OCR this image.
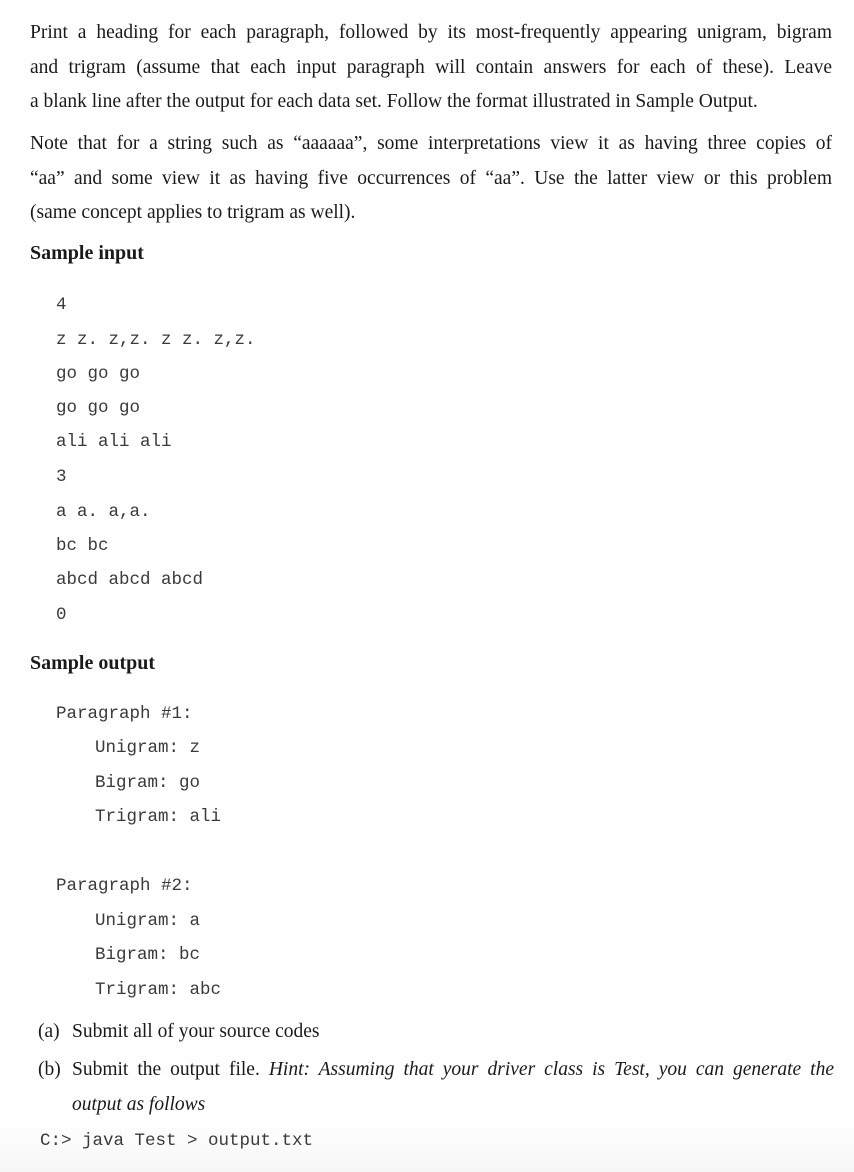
Print a heading for each paragraph, followed by its most-frequently appearing unigram, bigram
and trigram (assume that each input paragraph will contain answers for each of these). Leave
a blank line after the output for each data set. Follow the format illustrated in Sample Output.
Note that for a string such as “aaaaaa”, some interpretations view it as having three copies of
“aa” and some view it as having five occurrences of “aa”. Use the latter view or this problem
(same concept applies to trigram as well).
Sample input
4
z z. z,z. z z. z,z.
go go go
go go go
ali ali ali
3
a a. a,a.
bc bc
abcd abcd abcd
0
Sample output
Paragraph #1:
Unigram: z
Bigram: go
Trigram: ali
Paragraph #2:
Unigram: a
Bigram: bc
Trigram: abc
(a) Submit all of your source codes
(b) Submit the output file. Hint: Assuming that your driver class is Test, you can generate the
output as follows
C:> java Test > output.txt
